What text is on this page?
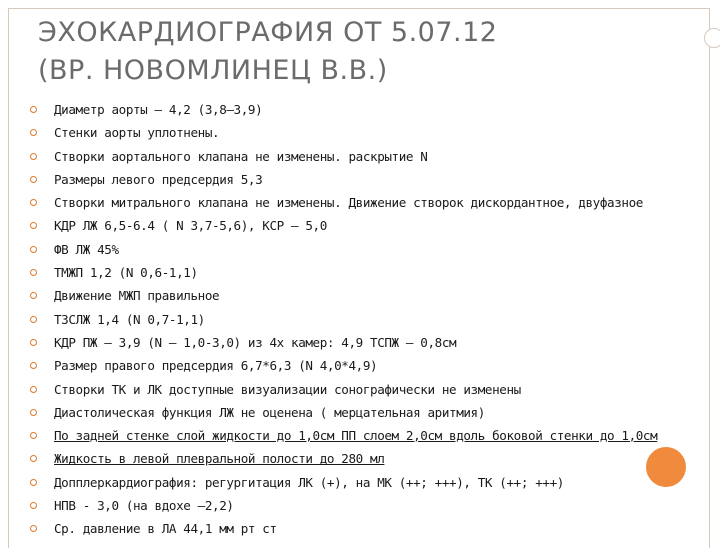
ЭХОКАРДИОГРАФИЯ ОТ 5.07.12
(ВР. НОВОМЛИНЕЦ В.В.)
Диаметр аорты – 4,2 (3,8—3,9)
Стенки аорты уплотнены.
Створки аортального клапана не изменены. раскрытие N
Размеры левого предсердия 5,3
Створки митрального клапана не изменены. Движение створок дискордантное, двуфазное
КДР ЛЖ 6,5-6.4 ( N 3,7-5,6), КСР – 5,0
ФВ ЛЖ 45%
ТМЖП 1,2 (N 0,6-1,1)
Движение МЖП правильное
ТЗСЛЖ 1,4 (N 0,7-1,1)
КДР ПЖ – 3,9 (N – 1,0-3,0) из 4х камер: 4,9 ТСПЖ – 0,8см
Размер правого предсердия 6,7*6,3 (N 4,0*4,9)
Створки ТК и ЛК доступные визуализации сонографически не изменены
Диастолическая функция ЛЖ не оценена ( мерцательная аритмия)
По задней стенке слой жидкости до 1,0см ПП слоем 2,0см вдоль боковой стенки до 1,0см
Жидкость в левой плевральной полости до 280 мл
Допплеркардиография: регургитация ЛК (+), на МК (++; +++), ТК (++; +++)
НПВ - 3,0 (на вдохе –2,2)
Ср. давление в ЛА 44,1 мм рт ст
